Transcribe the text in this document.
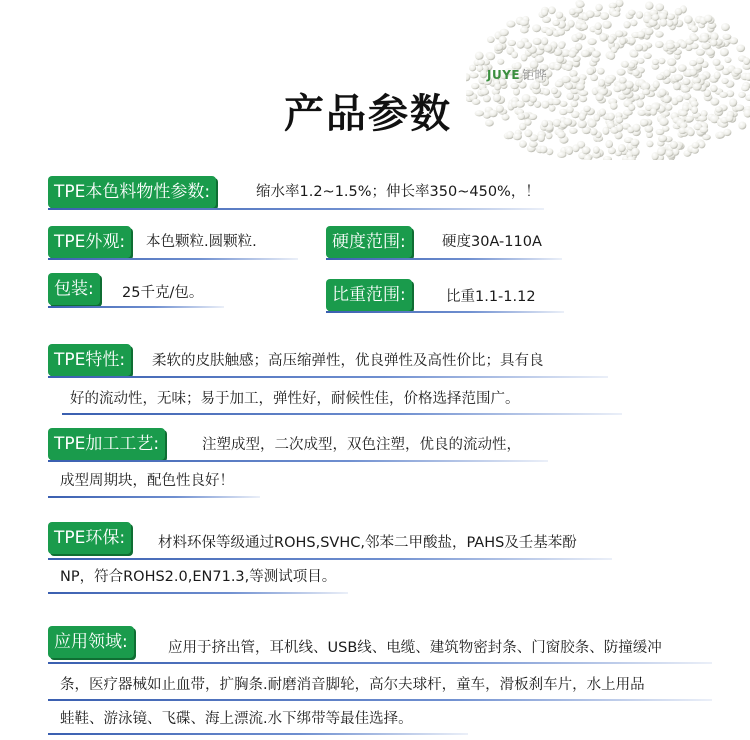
JUYE 钜晔
产品参数
TPE本色料物性参数:	缩水率1.2~1.5%；伸长率350~450%，！
TPE外观:	本色颗粒.圆颗粒.	硬度范围:	硬度30A-110A
包装:	25千克/包。	比重范围:	比重1.1-1.12
TPE特性:	柔软的皮肤触感；高压缩弹性，优良弹性及高性价比；具有良
好的流动性，无味；易于加工，弹性好，耐候性佳，价格选择范围广。
TPE加工工艺:	注塑成型，二次成型，双色注塑，优良的流动性，
成型周期块，配色性良好！
TPE环保:	材料环保等级通过ROHS,SVHC,邻苯二甲酸盐，PAHS及壬基苯酚
NP，符合ROHS2.0,EN71.3,等测试项目。
应用领域:	应用于挤出管，耳机线、USB线、电缆、建筑物密封条、门窗胶条、防撞缓冲
条，医疗器械如止血带，扩胸条.耐磨消音脚轮，高尔夫球杆，童车，滑板刹车片，水上用品
蛙鞋、游泳镜、飞碟、海上漂流.水下绑带等最佳选择。
